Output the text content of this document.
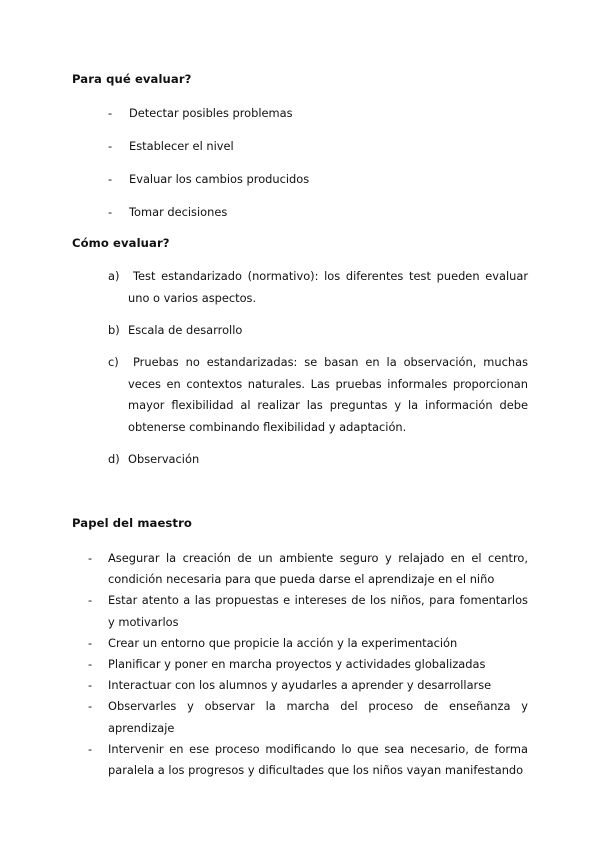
Para qué evaluar?
- Detectar posibles problemas
- Establecer el nivel
- Evaluar los cambios producidos
- Tomar decisiones
Cómo evaluar?
a)	Test estandarizado (normativo): los diferentes test pueden evaluar uno o varios aspectos.
b) Escala de desarrollo
c)	Pruebas no estandarizadas: se basan en la observación, muchas veces en contextos naturales. Las pruebas informales proporcionan mayor flexibilidad al realizar las preguntas y la información debe obtenerse combinando flexibilidad y adaptación.
d) Observación
Papel del maestro
- Asegurar la creación de un ambiente seguro y relajado en el centro, condición necesaria para que pueda darse el aprendizaje en el niño
- Estar atento a las propuestas e intereses de los niños, para fomentarlos y motivarlos
- Crear un entorno que propicie la acción y la experimentación
- Planificar y poner en marcha proyectos y actividades globalizadas
- Interactuar con los alumnos y ayudarles a aprender y desarrollarse
- Observarles y observar la marcha del proceso de enseñanza y aprendizaje
- Intervenir en ese proceso modificando lo que sea necesario, de forma paralela a los progresos y dificultades que los niños vayan manifestando
